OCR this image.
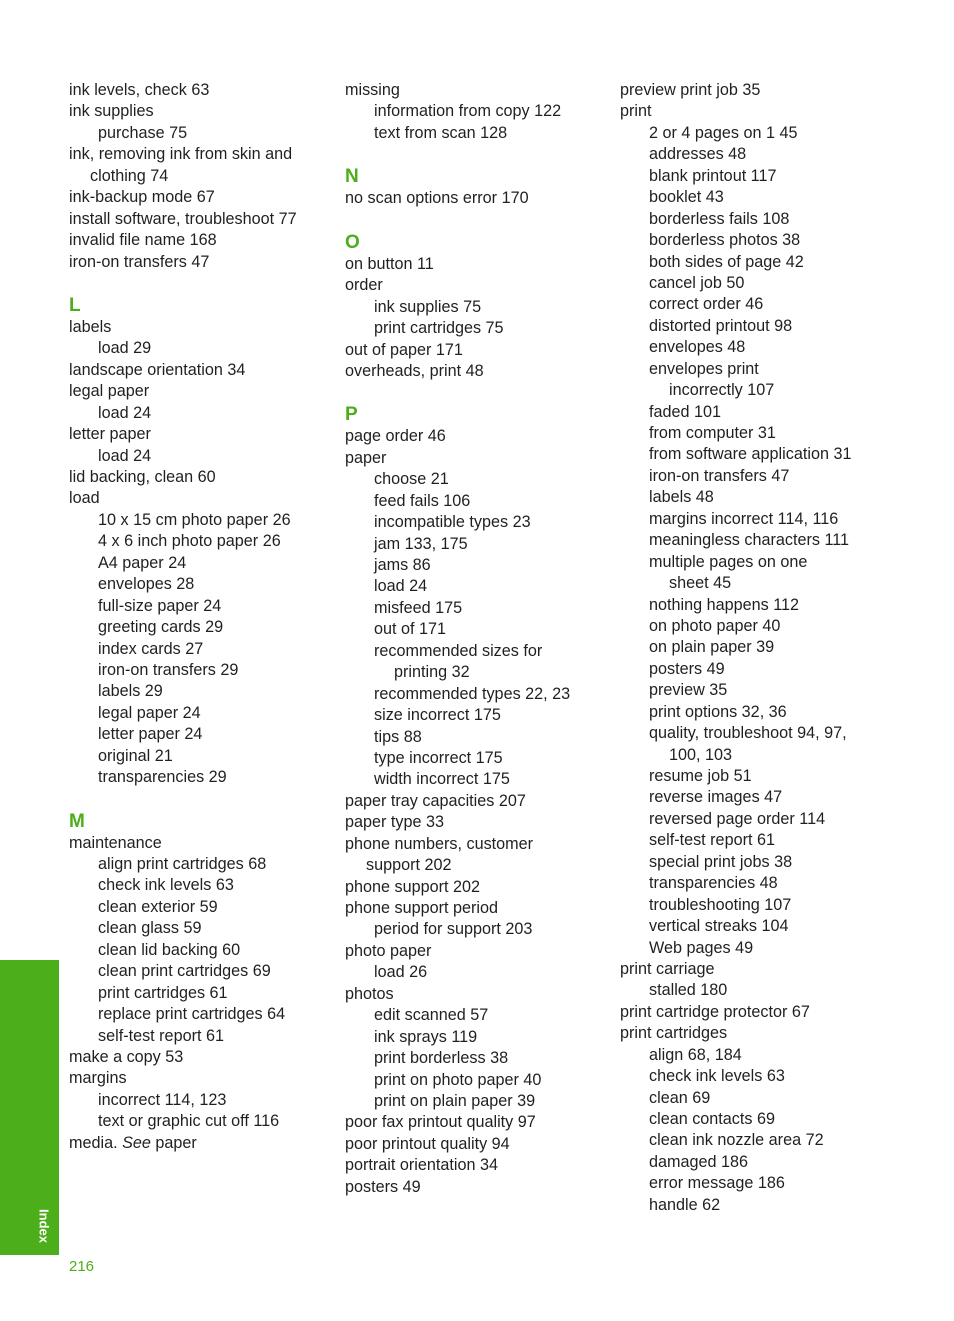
ink levels, check 63
ink supplies
purchase 75
ink, removing ink from skin and
clothing 74
ink-backup mode 67
install software, troubleshoot 77
invalid file name 168
iron-on transfers 47
L
labels
load 29
landscape orientation 34
legal paper
load 24
letter paper
load 24
lid backing, clean 60
load
10 x 15 cm photo paper 26
4 x 6 inch photo paper 26
A4 paper 24
envelopes 28
full-size paper 24
greeting cards 29
index cards 27
iron-on transfers 29
labels 29
legal paper 24
letter paper 24
original 21
transparencies 29
M
maintenance
align print cartridges 68
check ink levels 63
clean exterior 59
clean glass 59
clean lid backing 60
clean print cartridges 69
print cartridges 61
replace print cartridges 64
self-test report 61
make a copy 53
margins
incorrect 114, 123
text or graphic cut off 116
media. See paper
missing
information from copy 122
text from scan 128
N
no scan options error 170
O
on button 11
order
ink supplies 75
print cartridges 75
out of paper 171
overheads, print 48
P
page order 46
paper
choose 21
feed fails 106
incompatible types 23
jam 133, 175
jams 86
load 24
misfeed 175
out of 171
recommended sizes for
printing 32
recommended types 22, 23
size incorrect 175
tips 88
type incorrect 175
width incorrect 175
paper tray capacities 207
paper type 33
phone numbers, customer
support 202
phone support 202
phone support period
period for support 203
photo paper
load 26
photos
edit scanned 57
ink sprays 119
print borderless 38
print on photo paper 40
print on plain paper 39
poor fax printout quality 97
poor printout quality 94
portrait orientation 34
posters 49
preview print job 35
print
2 or 4 pages on 1 45
addresses 48
blank printout 117
booklet 43
borderless fails 108
borderless photos 38
both sides of page 42
cancel job 50
correct order 46
distorted printout 98
envelopes 48
envelopes print
incorrectly 107
faded 101
from computer 31
from software application 31
iron-on transfers 47
labels 48
margins incorrect 114, 116
meaningless characters 111
multiple pages on one
sheet 45
nothing happens 112
on photo paper 40
on plain paper 39
posters 49
preview 35
print options 32, 36
quality, troubleshoot 94, 97,
100, 103
resume job 51
reverse images 47
reversed page order 114
self-test report 61
special print jobs 38
transparencies 48
troubleshooting 107
vertical streaks 104
Web pages 49
print carriage
stalled 180
print cartridge protector 67
print cartridges
align 68, 184
check ink levels 63
clean 69
clean contacts 69
clean ink nozzle area 72
damaged 186
error message 186
handle 62
Index
216
